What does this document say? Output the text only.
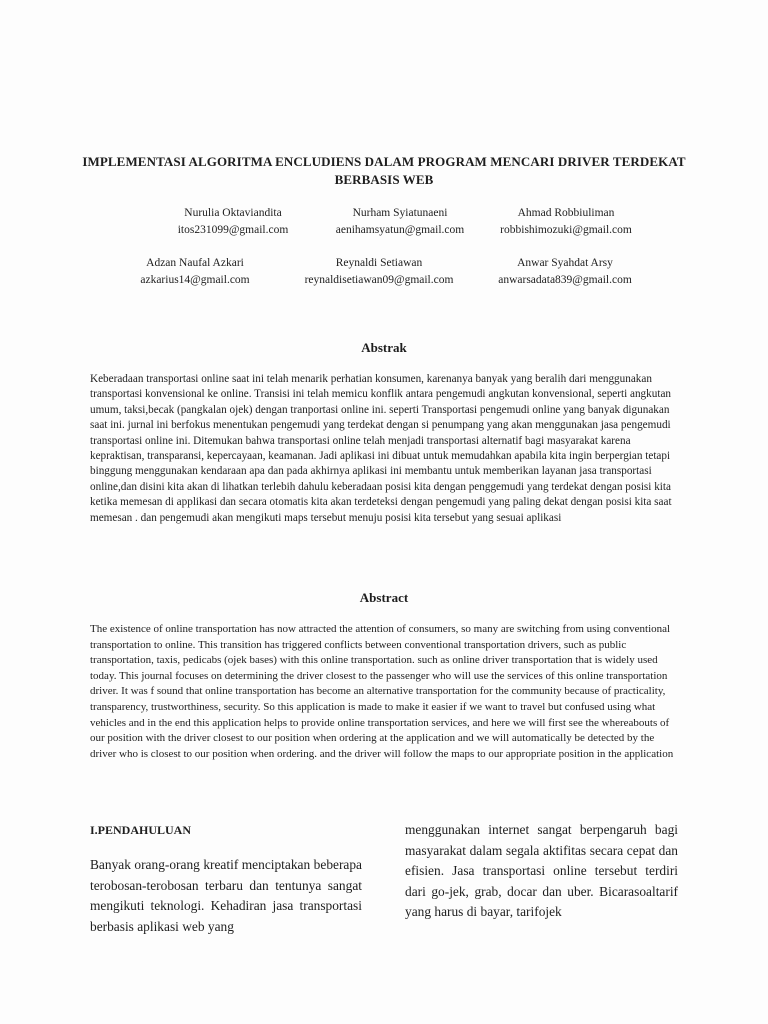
IMPLEMENTASI ALGORITMA ENCLUDIENS DALAM PROGRAM MENCARI DRIVER TERDEKAT BERBASIS WEB
Nurulia Oktaviandita
itos231099@gmail.com
Nurham Syiatunaeni
aenihamsyatun@gmail.com
Ahmad Robbiuliman
robbishimozuki@gmail.com
Adzan Naufal Azkari
azkarius14@gmail.com
Reynaldi Setiawan
reynaldisetiawan09@gmail.com
Anwar Syahdat Arsy
anwarsadata839@gmail.com
Abstrak
Keberadaan transportasi online saat ini telah menarik perhatian konsumen, karenanya banyak yang beralih dari menggunakan transportasi konvensional ke online. Transisi ini telah memicu konflik antara pengemudi angkutan konvensional, seperti angkutan umum, taksi,becak (pangkalan ojek) dengan tranportasi online ini. seperti Transportasi pengemudi online yang banyak digunakan saat ini. jurnal ini berfokus menentukan pengemudi yang terdekat dengan si penumpang yang akan menggunakan jasa pengemudi transportasi online ini. Ditemukan bahwa transportasi online telah menjadi transportasi alternatif bagi masyarakat karena kepraktisan, transparansi, kepercayaan, keamanan. Jadi aplikasi ini dibuat untuk memudahkan apabila kita ingin berpergian tetapi binggung menggunakan kendaraan apa dan pada akhirnya aplikasi ini membantu untuk memberikan layanan jasa transportasi online,dan disini kita akan di lihatkan terlebih dahulu keberadaan posisi kita dengan penggemudi yang terdekat dengan posisi kita ketika memesan di applikasi dan secara otomatis kita akan terdeteksi dengan pengemudi yang paling dekat dengan posisi kita saat memesan . dan pengemudi akan mengikuti maps tersebut menuju posisi kita tersebut yang sesuai aplikasi
Abstract
The existence of online transportation has now attracted the attention of consumers, so many are switching from using conventional transportation to online. This transition has triggered conflicts between conventional transportation drivers, such as public transportation, taxis, pedicabs (ojek bases) with this online transportation. such as online driver transportation that is widely used today. This journal focuses on determining the driver closest to the passenger who will use the services of this online transportation driver. It was f sound that online transportation has become an alternative transportation for the community because of practicality, transparency, trustworthiness, security. So this application is made to make it easier if we want to travel but confused using what vehicles and in the end this application helps to provide online transportation services, and here we will first see the whereabouts of our position with the driver closest to our position when ordering at the application and we will automatically be detected by the driver who is closest to our position when ordering. and the driver will follow the maps to our appropriate position in the application
I.PENDAHULUAN
Banyak orang-orang kreatif menciptakan beberapa terobosan-terobosan terbaru dan tentunya sangat mengikuti teknologi. Kehadiran jasa transportasi berbasis aplikasi web yang
menggunakan internet sangat berpengaruh bagi masyarakat dalam segala aktifitas secara cepat dan efisien. Jasa transportasi online tersebut terdiri dari go-jek, grab, docar dan uber. Bicarasoaltarif yang harus di bayar, tarifojek
